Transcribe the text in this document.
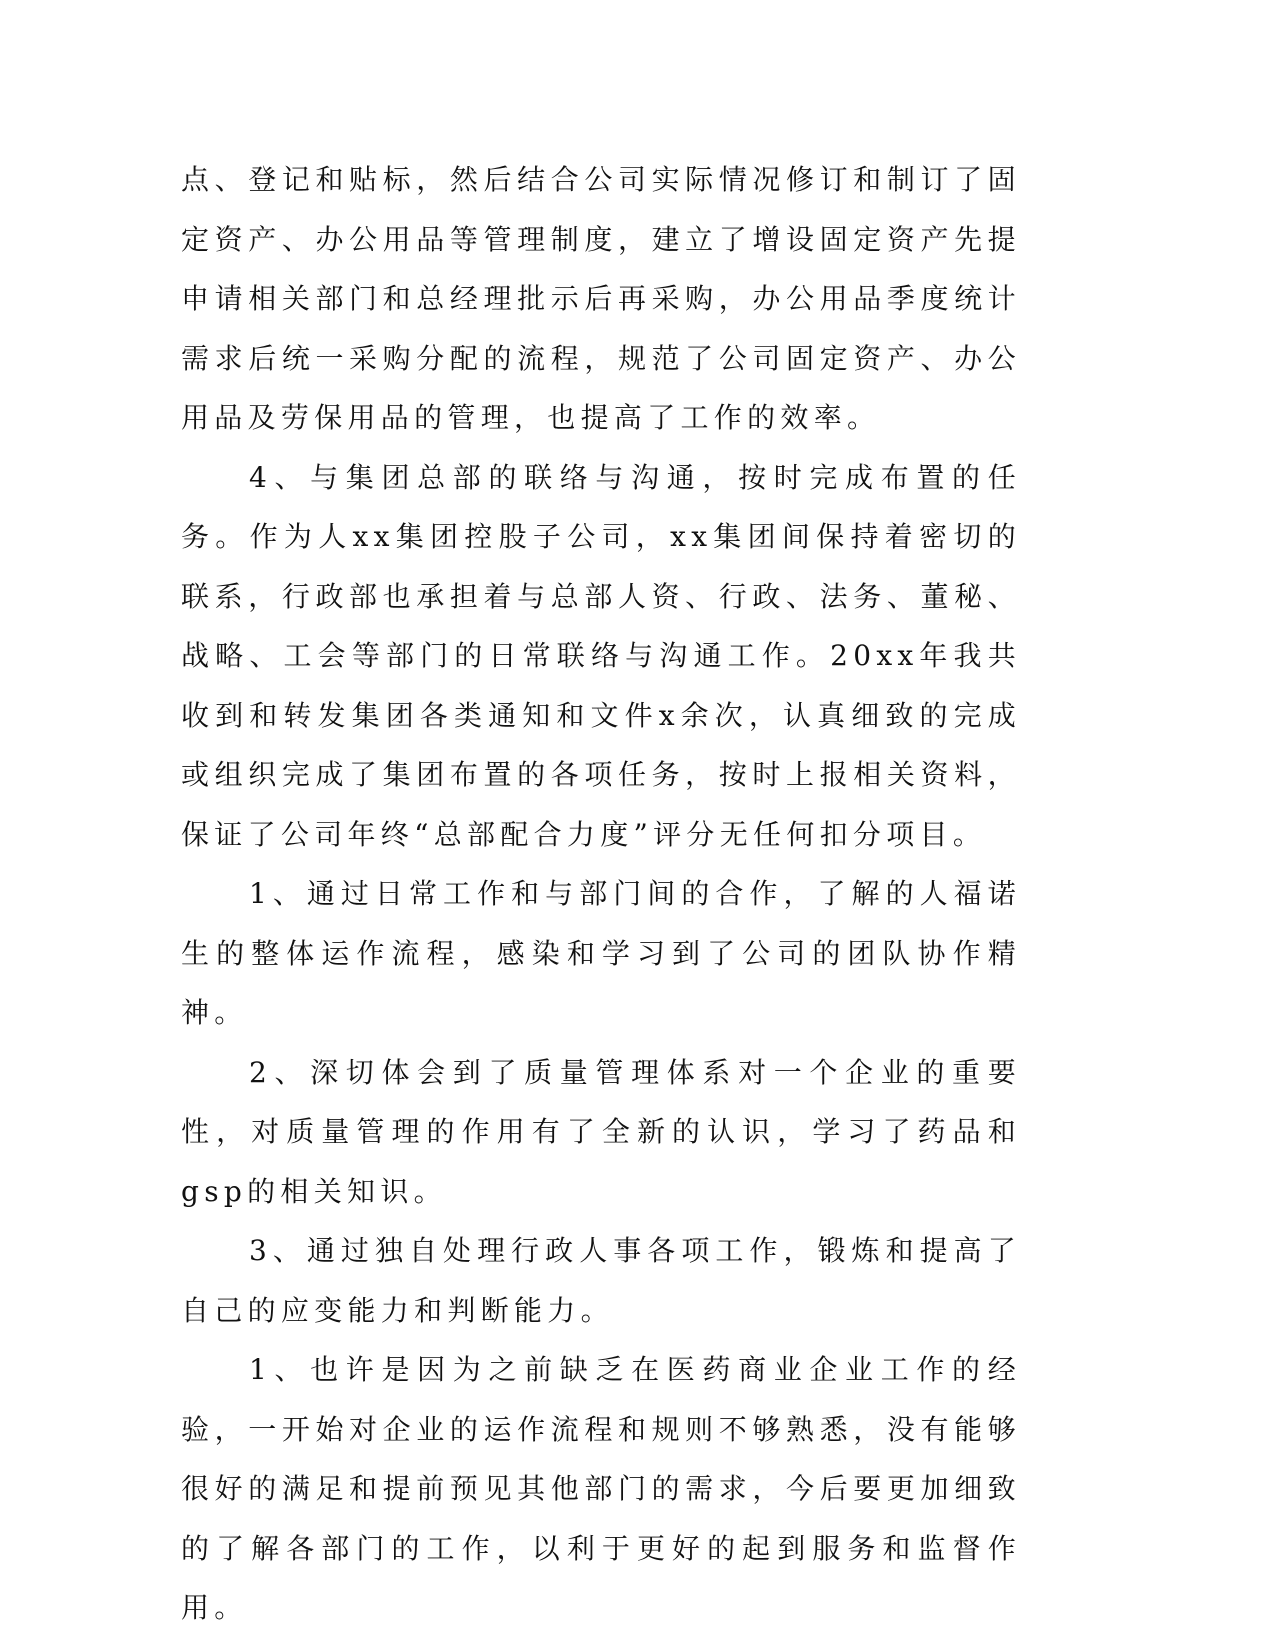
点、登记和贴标，然后结合公司实际情况修订和制订了固定资产、办公用品等管理制度，建立了增设固定资产先提申请相关部门和总经理批示后再采购，办公用品季度统计需求后统一采购分配的流程，规范了公司固定资产、办公用品及劳保用品的管理，也提高了工作的效率。

4、与集团总部的联络与沟通，按时完成布置的任务。作为人xx集团控股子公司，xx集团间保持着密切的联系，行政部也承担着与总部人资、行政、法务、董秘、战略、工会等部门的日常联络与沟通工作。20xx年我共收到和转发集团各类通知和文件x余次，认真细致的完成或组织完成了集团布置的各项任务，按时上报相关资料，保证了公司年终“总部配合力度”评分无任何扣分项目。

1、通过日常工作和与部门间的合作，了解的人福诺生的整体运作流程，感染和学习到了公司的团队协作精神。

2、深切体会到了质量管理体系对一个企业的重要性，对质量管理的作用有了全新的认识，学习了药品和gsp的相关知识。

3、通过独自处理行政人事各项工作，锻炼和提高了自己的应变能力和判断能力。

1、也许是因为之前缺乏在医药商业企业工作的经验，一开始对企业的运作流程和规则不够熟悉，没有能够很好的满足和提前预见其他部门的需求，今后要更加细致的了解各部门的工作，以利于更好的起到服务和监督作用。
